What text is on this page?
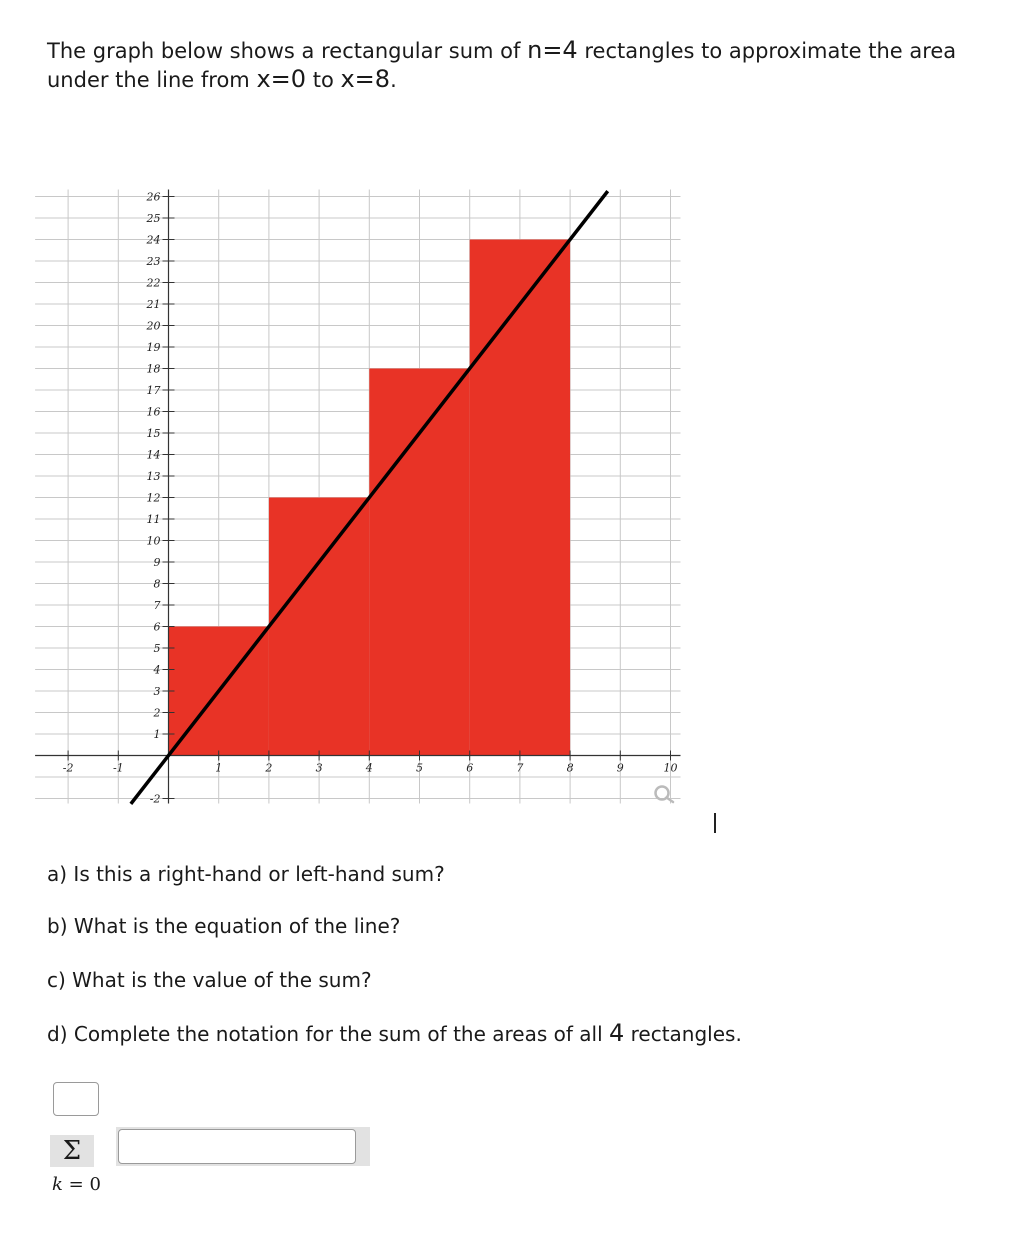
The graph below shows a rectangular sum of n=4 rectangles to approximate the area under the line from x=0 to x=8.
-2	-1	1	2	3	4	5	6	7	8	9	10
-2
1
2
3
4
5
6
7
8
9
10
11
12
13
14
15
16
17
18
19
20
21
22
23
24
25
26
a) Is this a right-hand or left-hand sum?
b) What is the equation of the line?
c) What is the value of the sum?
d) Complete the notation for the sum of the areas of all 4 rectangles.
Σ
k = 0
